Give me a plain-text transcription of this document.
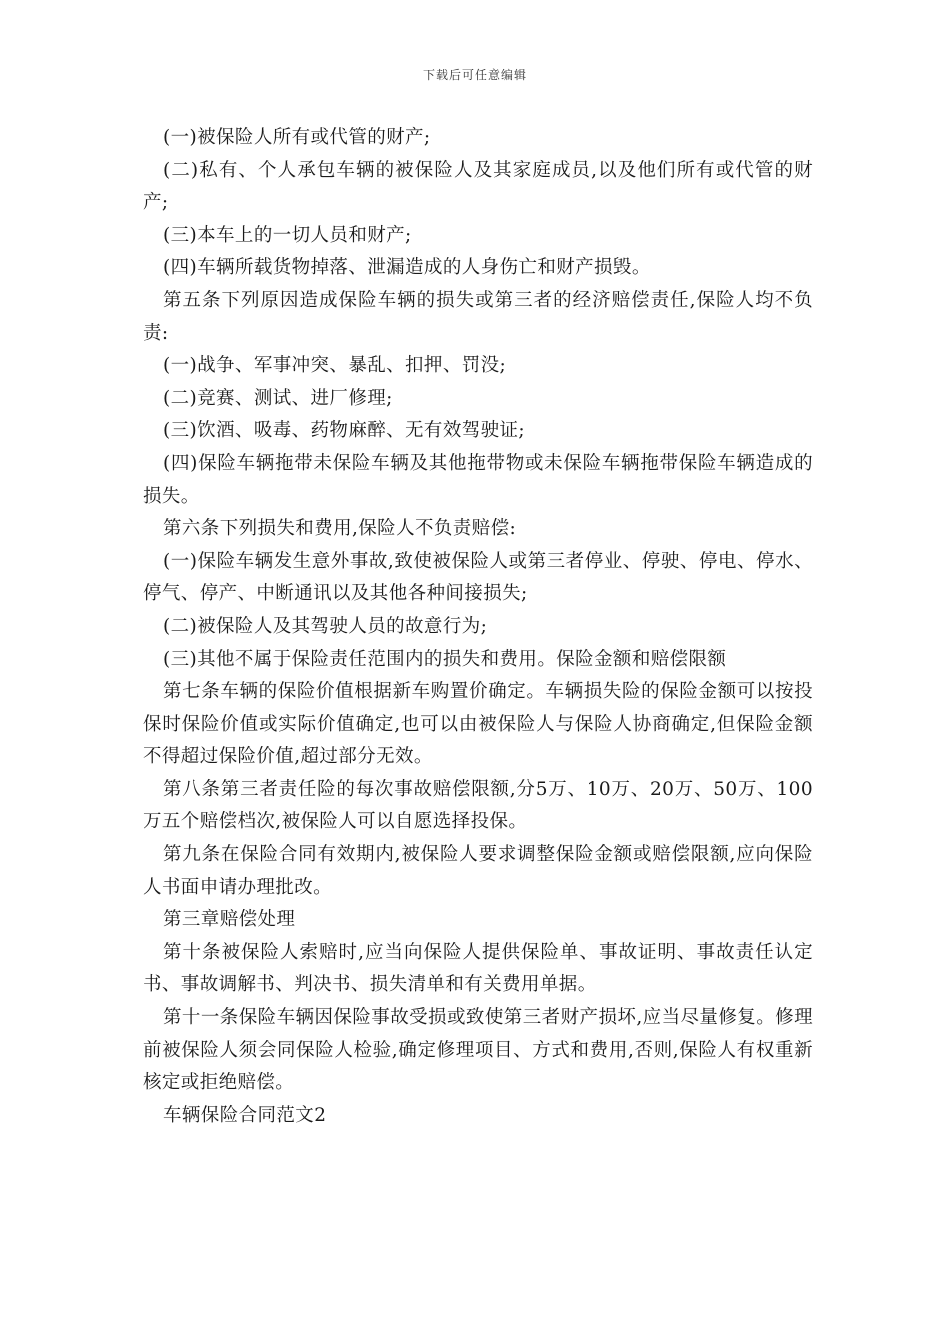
下载后可任意编辑

(一)被保险人所有或代管的财产;

(二)私有、个人承包车辆的被保险人及其家庭成员,以及他们所有或代管的财产;

(三)本车上的一切人员和财产;

(四)车辆所载货物掉落、泄漏造成的人身伤亡和财产损毁。

第五条下列原因造成保险车辆的损失或第三者的经济赔偿责任,保险人均不负责:

(一)战争、军事冲突、暴乱、扣押、罚没;

(二)竞赛、测试、进厂修理;

(三)饮酒、吸毒、药物麻醉、无有效驾驶证;

(四)保险车辆拖带未保险车辆及其他拖带物或未保险车辆拖带保险车辆造成的损失。

第六条下列损失和费用,保险人不负责赔偿:

(一)保险车辆发生意外事故,致使被保险人或第三者停业、停驶、停电、停水、停气、停产、中断通讯以及其他各种间接损失;

(二)被保险人及其驾驶人员的故意行为;

(三)其他不属于保险责任范围内的损失和费用。保险金额和赔偿限额

第七条车辆的保险价值根据新车购置价确定。车辆损失险的保险金额可以按投保时保险价值或实际价值确定,也可以由被保险人与保险人协商确定,但保险金额不得超过保险价值,超过部分无效。

第八条第三者责任险的每次事故赔偿限额,分5万、10万、20万、50万、100万五个赔偿档次,被保险人可以自愿选择投保。

第九条在保险合同有效期内,被保险人要求调整保险金额或赔偿限额,应向保险人书面申请办理批改。

第三章赔偿处理

第十条被保险人索赔时,应当向保险人提供保险单、事故证明、事故责任认定书、事故调解书、判决书、损失清单和有关费用单据。

第十一条保险车辆因保险事故受损或致使第三者财产损坏,应当尽量修复。修理前被保险人须会同保险人检验,确定修理项目、方式和费用,否则,保险人有权重新核定或拒绝赔偿。

车辆保险合同范文2
